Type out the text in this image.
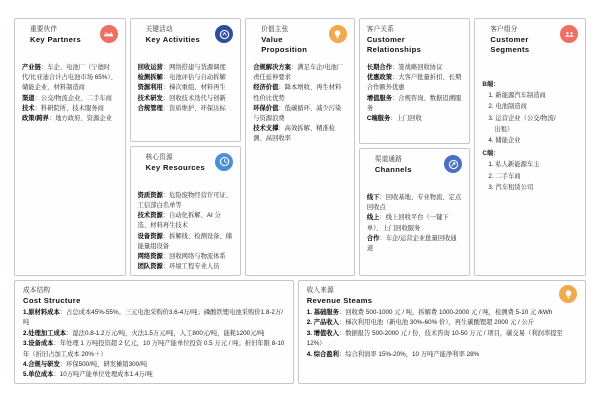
重要伙伴
Key Partners
产业链：车企、电池厂（宁德时代/比亚迪合计占电池市场 65%）、储能企业、材料制造商
渠道：公交/物流企业、二手车商
技术：科研院所、技术服务商
政策/跨界：地方政府、资源企业
关键活动
Key Activities
回收运营：网络搭建与货源调度
检测拆解：电池评估与自动拆解
资源利用：梯次重组、材料再生
技术研发：回收技术迭代与创新
合规管理：资质维护、环保达标
核心资源
Key Resources
资质资源：危险废物经营许可证、工信部白名单等
技术资源：自动化拆解、AI 分选、材料再生技术
设备资源：拆解线、检测设备、储能量组设备
网络资源：回收网络与物流体系
团队资源：环境工程专业人员
价值主张
Value Proposition
合规解决方案：满足车企/电池厂责任延伸要求
经济价值：降本增收、再生材料性价比优势
环保价值：低碳循环、减少污染与资源浪费
技术支撑：高效拆解、精准检测、高回收率
客户关系
Customer Relationships
长期合作：签战略回收协议
优惠政策：大客户批量折扣、长期合作额外优惠
增值服务：合规咨询、数据追溯服务
C端服务：上门回收
渠道通路
Channels
线下：回收基地、专业物流、定点回收点
线上：线上回收平台（一键下单）、上门回收服务
合作：车企/运营企业批量回收通道
客户组分
Customer Segments
B端：
1. 新能源汽车制造商
2. 电池制造商
3. 运营企业（公交/物流/
出租）
4. 储能企业
C端：
1. 私人新能源车主
2. 二手车商
3. 汽车租赁公司
成本结构
Cost Structure
1.原材料成本：占总成本45%-55%。三元电池采购价3.6-4万/吨；磷酸铁锂电池采购价1.8-2万/吨
2.处理加工成本：湿法0.8-1.2万元/吨，火法1.5万元/吨，人工800元/吨，能耗1200元/吨
3.设备成本：年处理 1 万吨投资超 2 亿元，10 万吨产能单位投资 0.5 万元 / 吨；折旧年限 8-10 年（折旧占加工成本 20%＋）
4.合规与研发：环保500/吨，研发摊销300/吨
5.单位成本：10万吨产能单位处理成本1.4万/吨
收入来源
Revenue Steams
1. 基础服务：回收费 500-1000 元 / 吨，拆解费 1000-2000 元 / 吨，检测费 5-10 元 /kWh
2. 产品收入：梯次利用电池（新电池 30%-60% 价），再生碳酸锂超 2000 元 / 公斤
3. 增值收入：数据报告 500-2000 元 / 份，技术咨询 10-50 万元 / 项目，碳交易（利润率提至 12%）
4. 综合盈利：综合利润率 15%-20%，10 万吨产能净利率 28%
